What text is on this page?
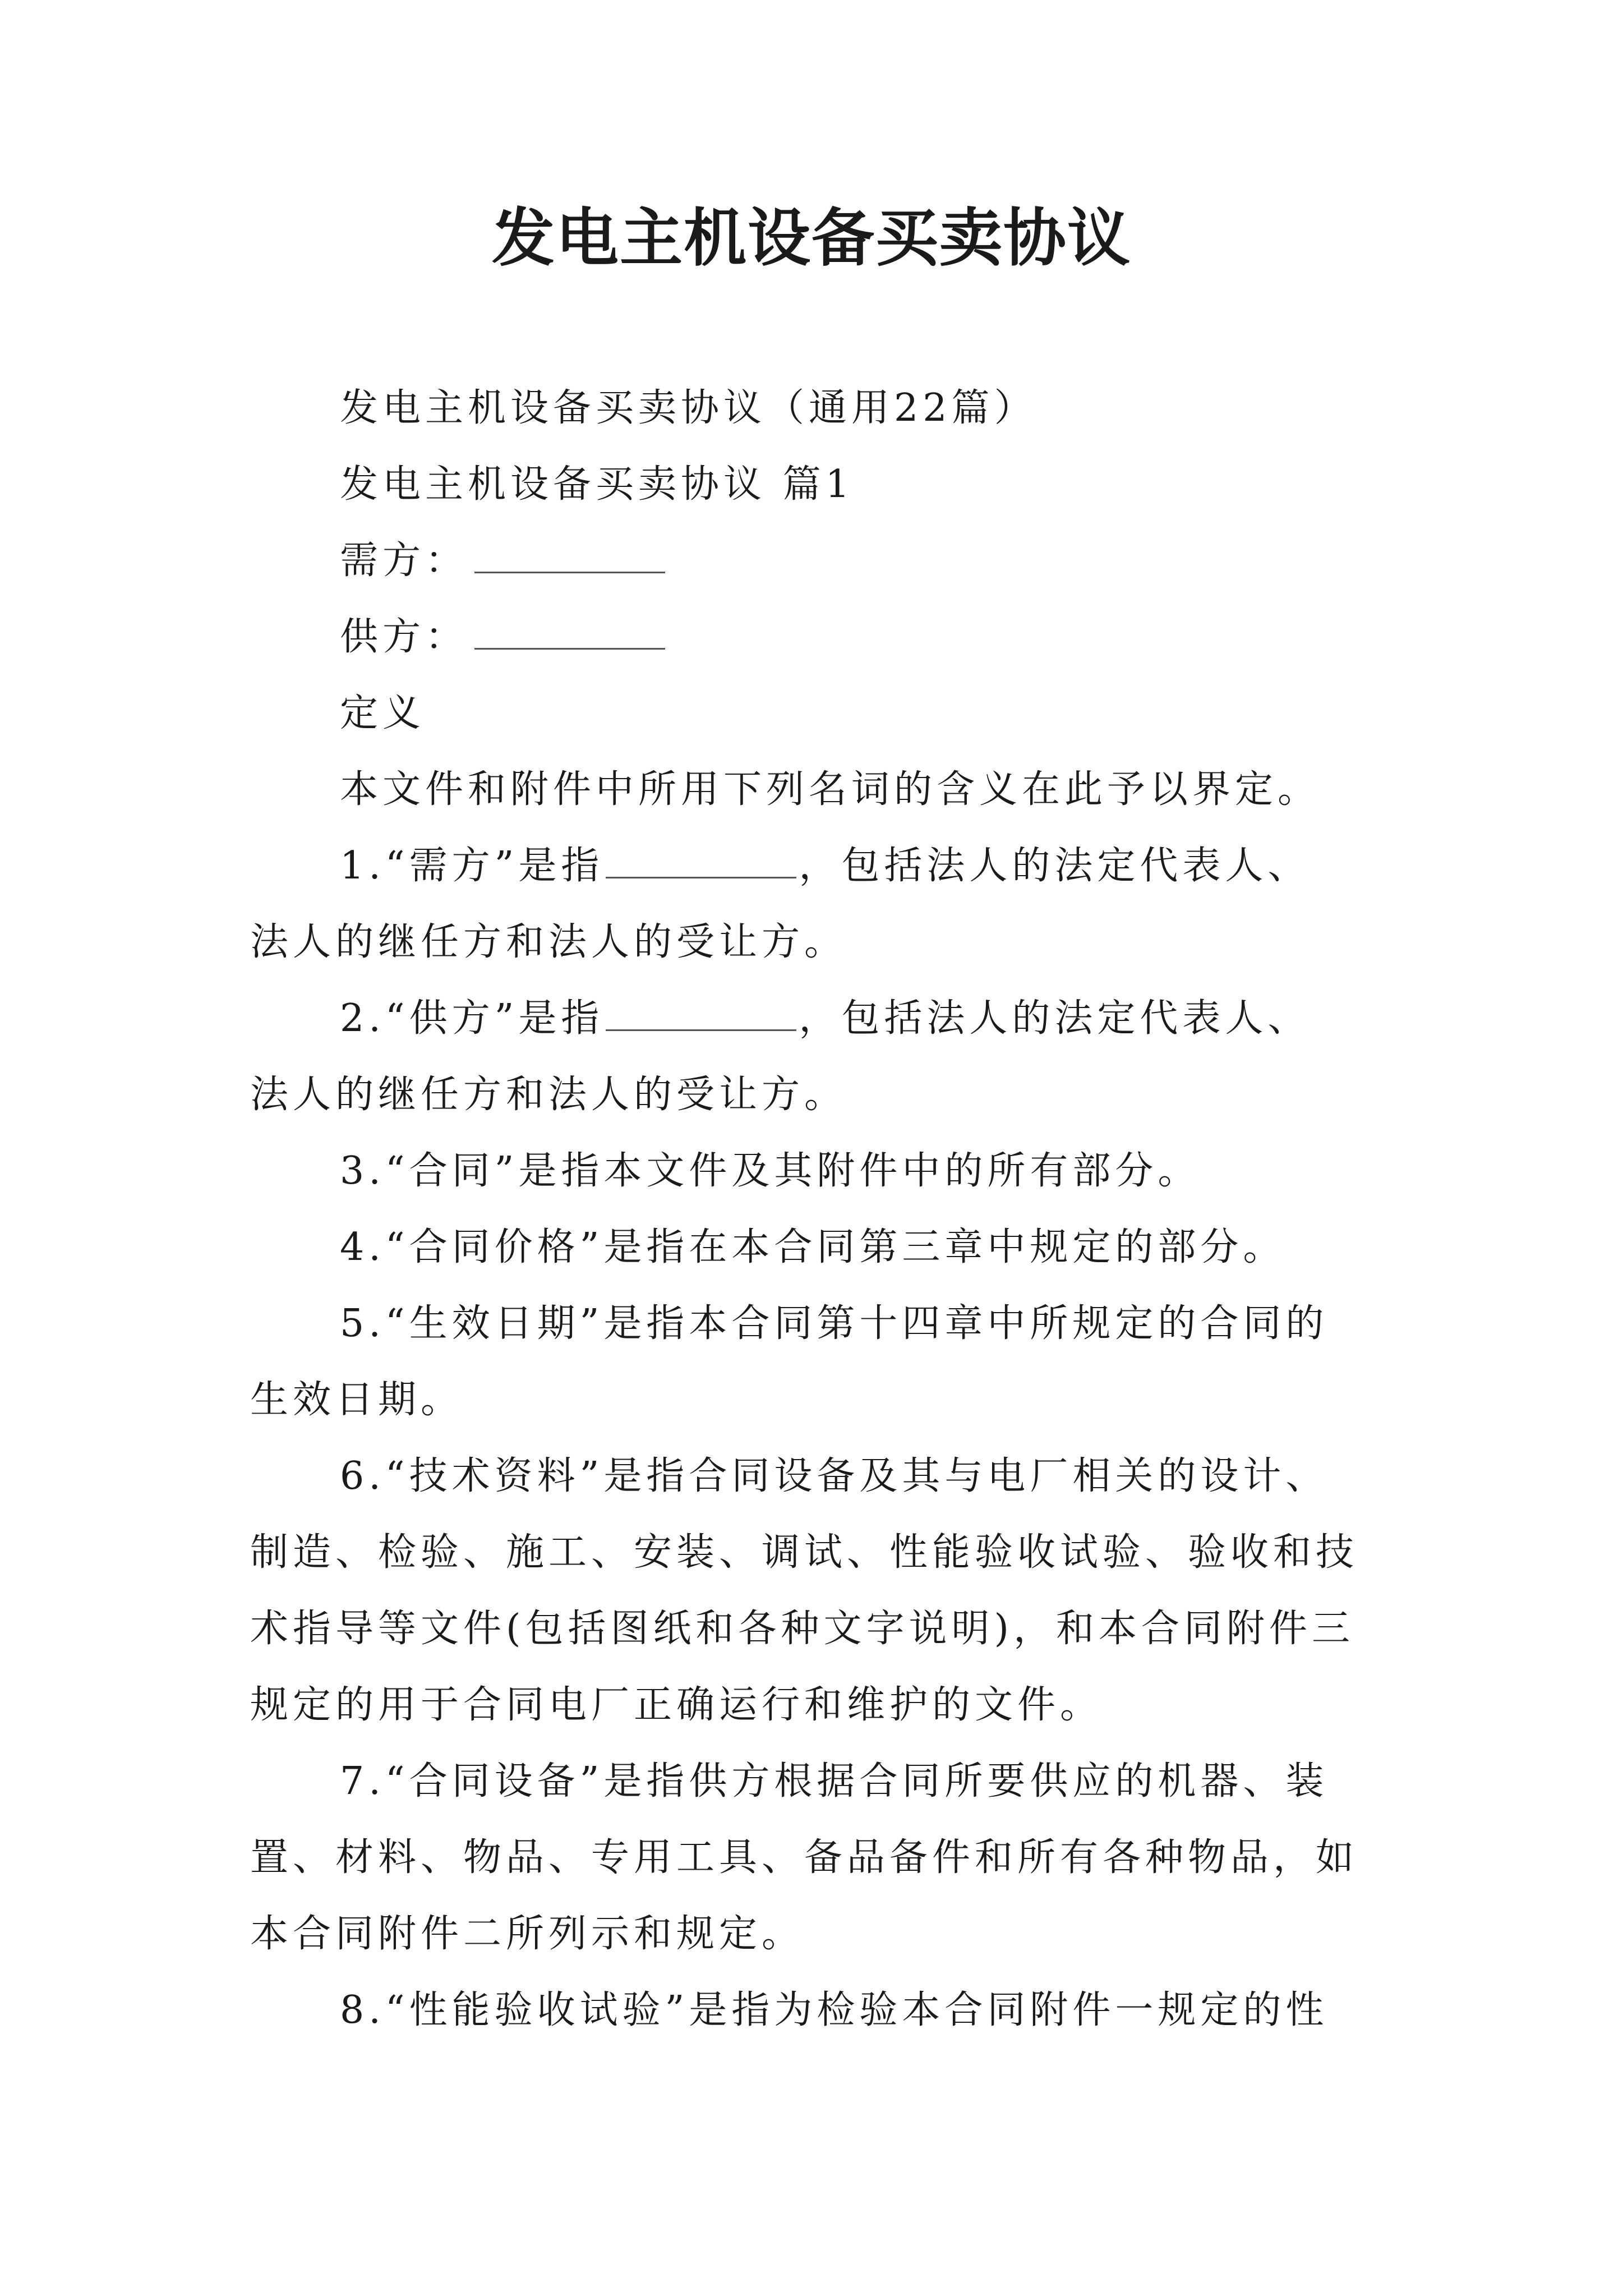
发电主机设备买卖协议

发电主机设备买卖协议（通用22篇）

发电主机设备买卖协议 篇1

需方：

供方：

定义

本文件和附件中所用下列名词的含义在此予以界定。

1.“需方”是指	，包括法人的法定代表人、
法人的继任方和法人的受让方。

2.“供方”是指	，包括法人的法定代表人、
法人的继任方和法人的受让方。

3.“合同”是指本文件及其附件中的所有部分。

4.“合同价格”是指在本合同第三章中规定的部分。

5.“生效日期”是指本合同第十四章中所规定的合同的
生效日期。

6.“技术资料”是指合同设备及其与电厂相关的设计、
制造、检验、施工、安装、调试、性能验收试验、验收和技
术指导等文件(包括图纸和各种文字说明)，和本合同附件三
规定的用于合同电厂正确运行和维护的文件。

7.“合同设备”是指供方根据合同所要供应的机器、装
置、材料、物品、专用工具、备品备件和所有各种物品，如
本合同附件二所列示和规定。

8.“性能验收试验”是指为检验本合同附件一规定的性
